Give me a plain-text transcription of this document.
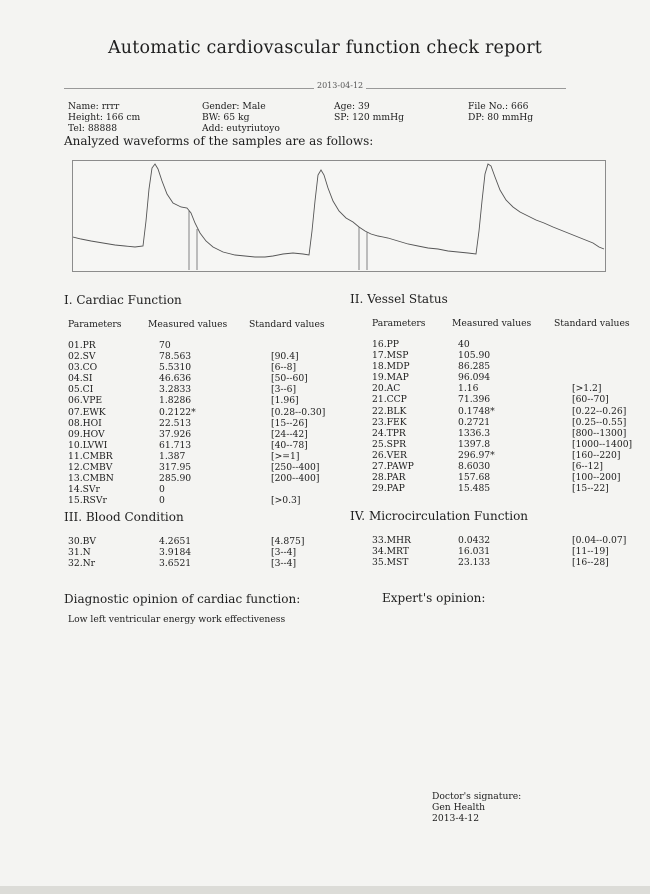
Automatic cardiovascular function check report
2013-04-12
Name: rrrr
Height: 166 cm
Tel: 88888
Gender: Male
BW: 65 kg
Add: eutyriutoyo
Age: 39
SP: 120 mmHg
File No.: 666
DP: 80 mmHg
Analyzed waveforms of the samples are as follows:
I. Cardiac Function
Parameters	Measured values Standard values
01.PR
02.SV
03.CO
04.SI
05.CI
06.VPE
07.EWK
08.HOI
09.HOV
10.LVWI
11.CMBR
12.CMBV
13.CMBN
14.SVr
15.RSVr
70
78.563
5.5310
46.636
3.2833
1.8286
0.2122*
22.513
37.926
61.713
1.387
317.95
285.90
0
0
[90.4]
[6--8]
[50--60]
[3--6]
[1.96]
[0.28--0.30]
[15--26]
[24--42]
[40--78]
[>=1]
[250--400]
[200--400]
[>0.3]
II. Vessel Status
Parameters	Measured values Standard values
16.PP
17.MSP
18.MDP
19.MAP
20.AC
21.CCP
22.BLK
23.FEK
24.TPR
25.SPR
26.VER
27.PAWP
28.PAR
29.PAP
40
105.90
86.285
96.094
1.16
71.396
0.1748*
0.2721
1336.3
1397.8
296.97*
8.6030
157.68
15.485
[>1.2]
[60--70]
[0.22--0.26]
[0.25--0.55]
[800--1300]
[1000--1400]
[160--220]
[6--12]
[100--200]
[15--22]
III. Blood Condition
30.BV
31.N
32.Nr
4.2651
3.9184
3.6521
[4.875]
[3--4]
[3--4]
IV. Microcirculation Function
33.MHR
34.MRT
35.MST
0.0432
16.031
23.133
[0.04--0.07]
[11--19]
[16--28]
Diagnostic opinion of cardiac function:
Low left ventricular energy work effectiveness
Expert's opinion:
Doctor's signature:
Gen Health
2013-4-12
